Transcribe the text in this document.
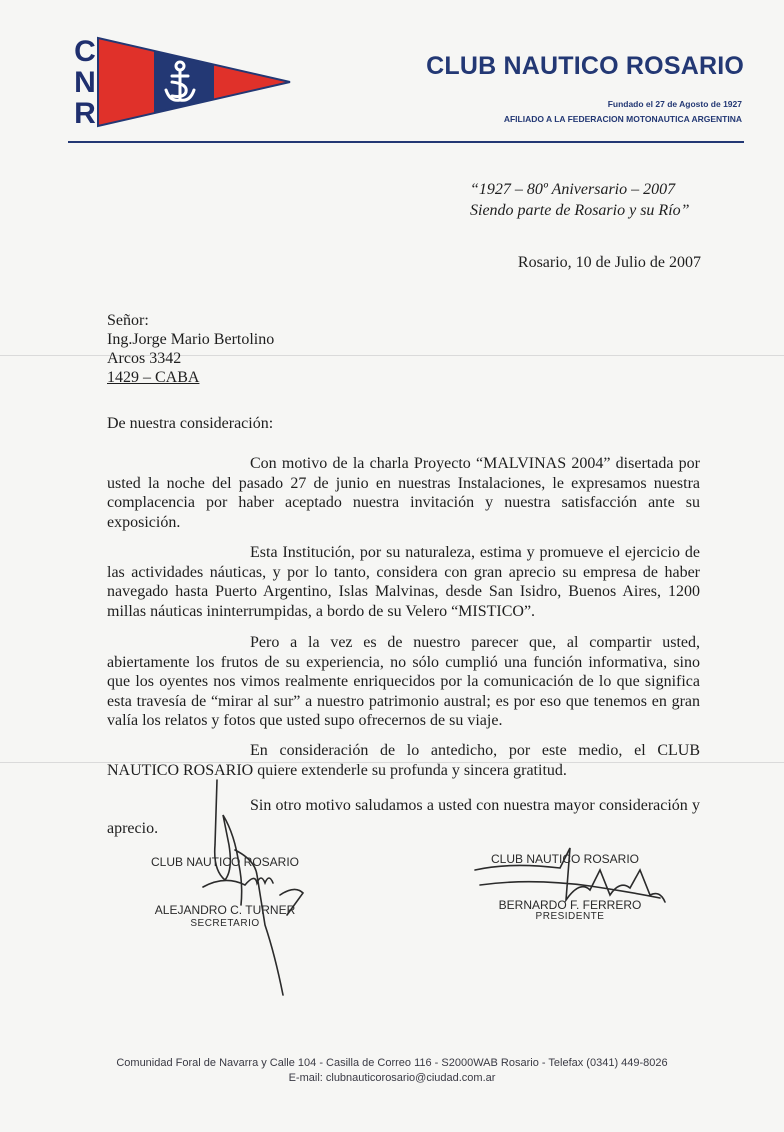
C
N
R
CLUB NAUTICO ROSARIO
Fundado el 27 de Agosto de 1927
AFILIADO A LA FEDERACION MOTONAUTICA ARGENTINA
“1927 – 80º Aniversario – 2007
Siendo parte de Rosario y su Río”
Rosario, 10 de Julio de 2007
Señor:
Ing.Jorge Mario Bertolino
Arcos 3342
1429 – CABA
De nuestra consideración:

Con motivo de la charla Proyecto “MALVINAS 2004” disertada por usted la noche del pasado 27 de junio en nuestras Instalaciones, le expresamos nuestra complacencia por haber aceptado nuestra invitación y nuestra satisfacción ante su exposición.

Esta Institución, por su naturaleza, estima y promueve el ejercicio de las actividades náuticas, y por lo tanto, considera con gran aprecio su empresa de haber navegado hasta Puerto Argentino, Islas Malvinas, desde San Isidro, Buenos Aires, 1200 millas náuticas ininterrumpidas, a bordo de su Velero “MISTICO”.

Pero a la vez es de nuestro parecer que, al compartir usted, abiertamente los frutos de su experiencia, no sólo cumplió una función informativa, sino que los oyentes nos vimos realmente enriquecidos por la comunicación de lo que significa esta travesía de “mirar al sur” a nuestro patrimonio austral; es por eso que tenemos en gran valía los relatos y fotos que usted supo ofrecernos de su viaje.

En consideración de lo antedicho, por este medio, el CLUB NAUTICO ROSARIO quiere extenderle su profunda y sincera gratitud.

Sin otro motivo saludamos a usted con nuestra mayor consideración y aprecio.

CLUB NAUTICO ROSARIO
ALEJANDRO C. TURNER
SECRETARIO
CLUB NAUTICO ROSARIO
BERNARDO F. FERRERO
PRESIDENTE
Comunidad Foral de Navarra y Calle 104 - Casilla de Correo 116 - S2000WAB Rosario - Telefax (0341) 449-8026
E-mail: clubnauticorosario@ciudad.com.ar
